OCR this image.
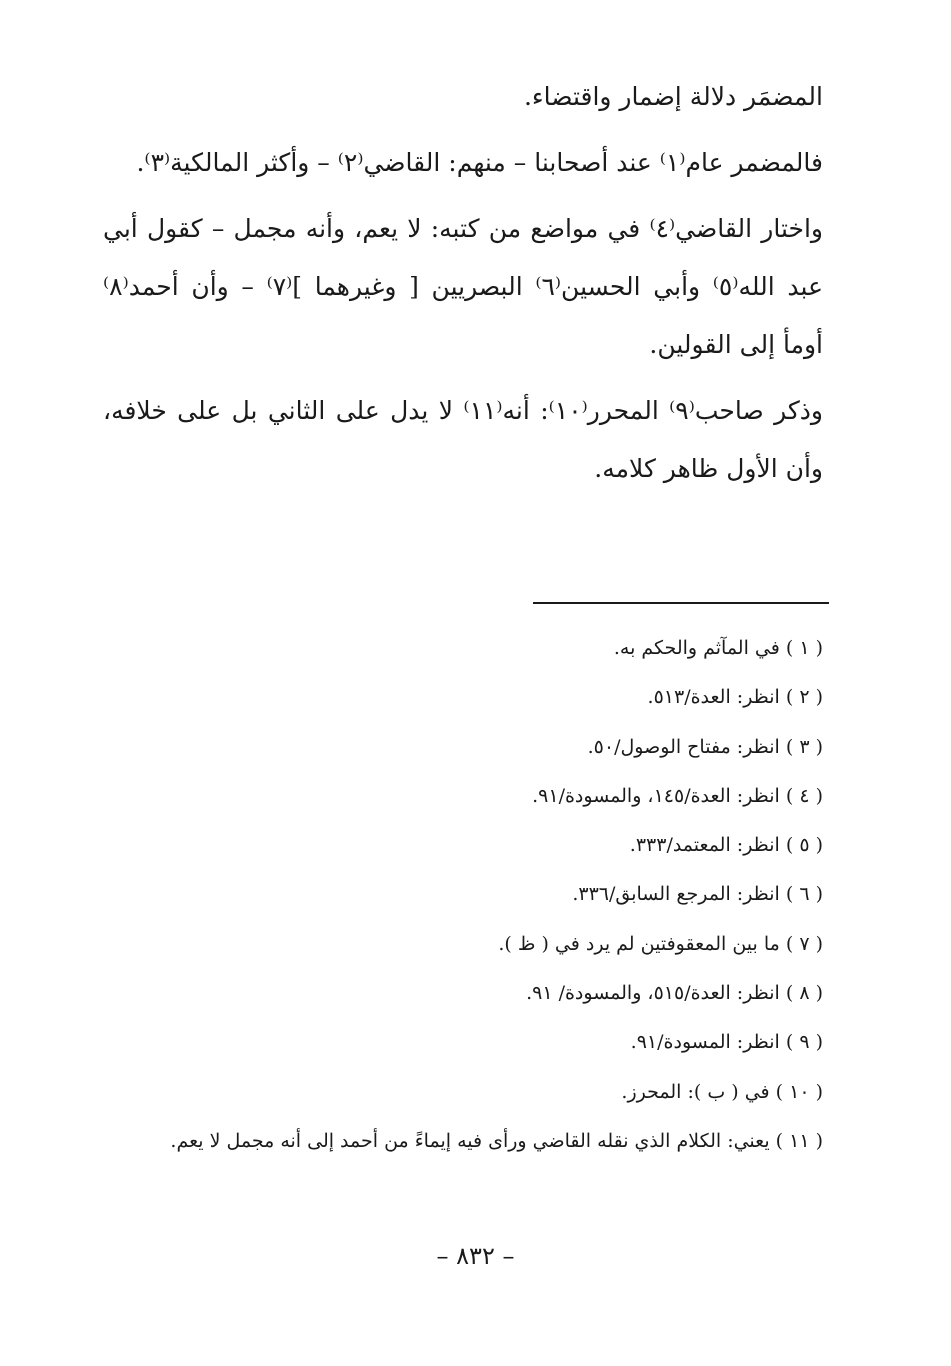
المضمَر دلالة إضمار واقتضاء.

فالمضمر عام⁽١⁾ عند أصحابنا – منهم: القاضي⁽٢⁾ – وأكثر المالكية⁽٣⁾.

واختار القاضي⁽٤⁾ في مواضع من كتبه: لا يعم، وأنه مجمل – كقول أبي عبد الله⁽٥⁾ وأبي الحسين⁽٦⁾ البصريين [ وغيرهما ]⁽٧⁾ – وأن أحمد⁽٨⁾ أومأ إلى القولين.

وذكر صاحب⁽٩⁾ المحرر⁽١٠⁾: أنه⁽١١⁾ لا يدل على الثاني بل على خلافه، وأن الأول ظاهر كلامه.

( ١ ) في المآثم والحكم به.
( ٢ ) انظر: العدة/٥١٣.
( ٣ ) انظر: مفتاح الوصول/٥٠.
( ٤ ) انظر: العدة/١٤٥، والمسودة/٩١.
( ٥ ) انظر: المعتمد/٣٣٣.
( ٦ ) انظر: المرجع السابق/٣٣٦.
( ٧ ) ما بين المعقوفتين لم يرد في ( ظ ).
( ٨ ) انظر: العدة/٥١٥، والمسودة/ ٩١.
( ٩ ) انظر: المسودة/٩١.
( ١٠ ) في ( ب ): المحرز.
( ١١ ) يعني: الكلام الذي نقله القاضي ورأى فيه إيماءً من أحمد إلى أنه مجمل لا يعم.
– ٨٣٢ –
